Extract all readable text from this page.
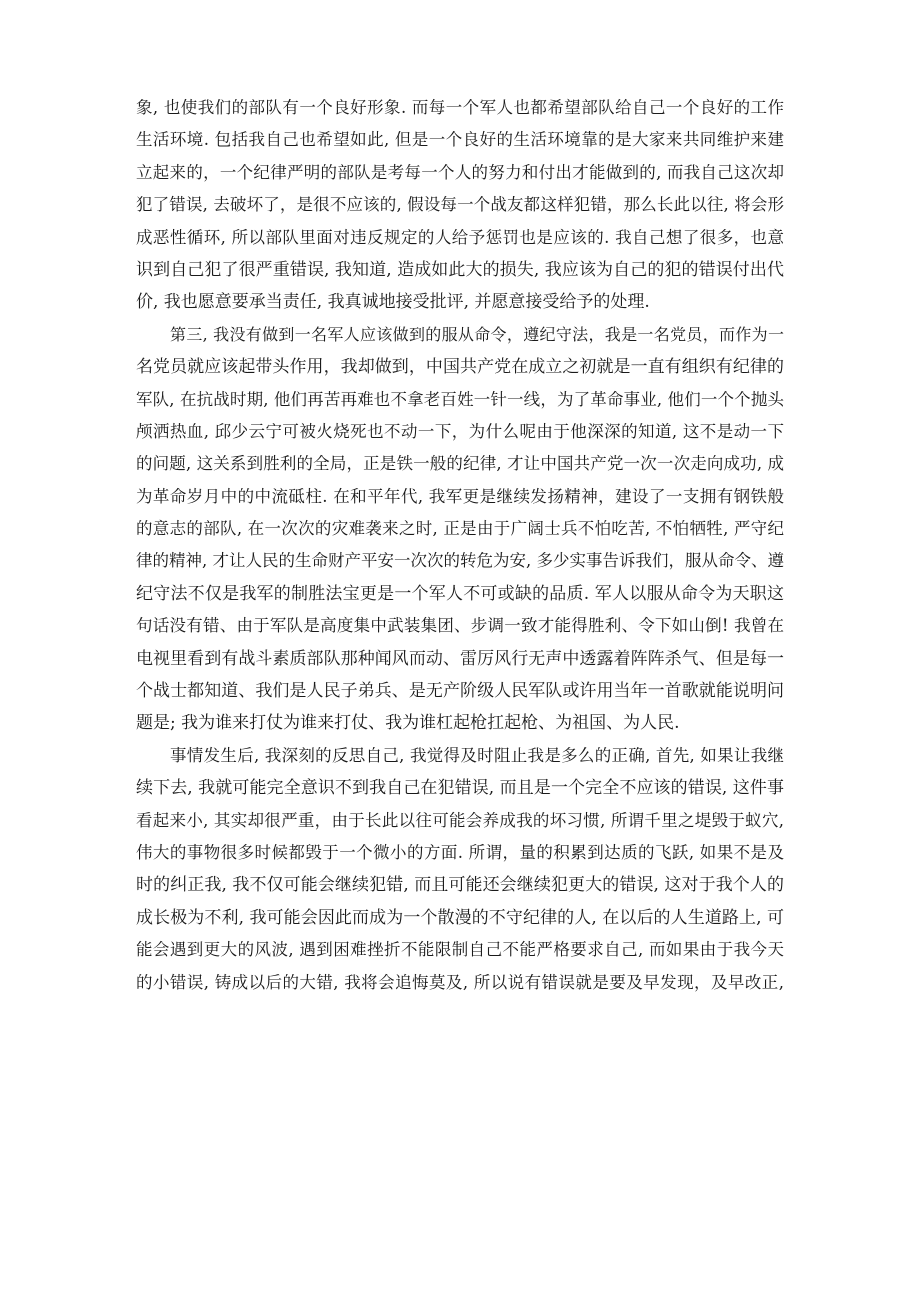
象, 也使我们的部队有一个良好形象. 而每一个军人也都希望部队给自己一个良好的工作
生活环境. 包括我自己也希望如此, 但是一个良好的生活环境靠的是大家来共同维护来建
立起来的，一个纪律严明的部队是考每一个人的努力和付出才能做到的, 而我自己这次却
犯了错误, 去破坏了，是很不应该的, 假设每一个战友都这样犯错，那么长此以往, 将会形
成恶性循环, 所以部队里面对违反规定的人给予惩罚也是应该的. 我自己想了很多，也意
识到自己犯了很严重错误, 我知道, 造成如此大的损失, 我应该为自己的犯的错误付出代
价, 我也愿意要承当责任, 我真诚地接受批评, 并愿意接受给予的处理.
第三, 我没有做到一名军人应该做到的服从命令，遵纪守法，我是一名党员，而作为一
名党员就应该起带头作用，我却做到，中国共产党在成立之初就是一直有组织有纪律的
军队, 在抗战时期, 他们再苦再难也不拿老百姓一针一线，为了革命事业, 他们一个个抛头
颅洒热血, 邱少云宁可被火烧死也不动一下，为什么呢由于他深深的知道, 这不是动一下
的问题, 这关系到胜利的全局，正是铁一般的纪律, 才让中国共产党一次一次走向成功, 成
为革命岁月中的中流砥柱. 在和平年代, 我军更是继续发扬精神，建设了一支拥有钢铁般
的意志的部队, 在一次次的灾难袭来之时, 正是由于广阔士兵不怕吃苦, 不怕牺牲, 严守纪
律的精神, 才让人民的生命财产平安一次次的转危为安, 多少实事告诉我们，服从命令、遵
纪守法不仅是我军的制胜法宝更是一个军人不可或缺的品质. 军人以服从命令为天职这
句话没有错、由于军队是高度集中武装集团、步调一致才能得胜利、令下如山倒! 我曾在
电视里看到有战斗素质部队那种闻风而动、雷厉风行无声中透露着阵阵杀气、但是每一
个战士都知道、我们是人民子弟兵、是无产阶级人民军队或许用当年一首歌就能说明问
题是; 我为谁来打仗为谁来打仗、我为谁杠起枪扛起枪、为祖国、为人民.
事情发生后, 我深刻的反思自己, 我觉得及时阻止我是多么的正确, 首先, 如果让我继
续下去, 我就可能完全意识不到我自己在犯错误, 而且是一个完全不应该的错误, 这件事
看起来小, 其实却很严重，由于长此以往可能会养成我的坏习惯, 所谓千里之堤毁于蚁穴,
伟大的事物很多时候都毁于一个微小的方面. 所谓，量的积累到达质的飞跃, 如果不是及
时的纠正我, 我不仅可能会继续犯错, 而且可能还会继续犯更大的错误, 这对于我个人的
成长极为不利, 我可能会因此而成为一个散漫的不守纪律的人, 在以后的人生道路上, 可
能会遇到更大的风波, 遇到困难挫折不能限制自己不能严格要求自己, 而如果由于我今天
的小错误, 铸成以后的大错, 我将会追悔莫及, 所以说有错误就是要及早发现，及早改正,
